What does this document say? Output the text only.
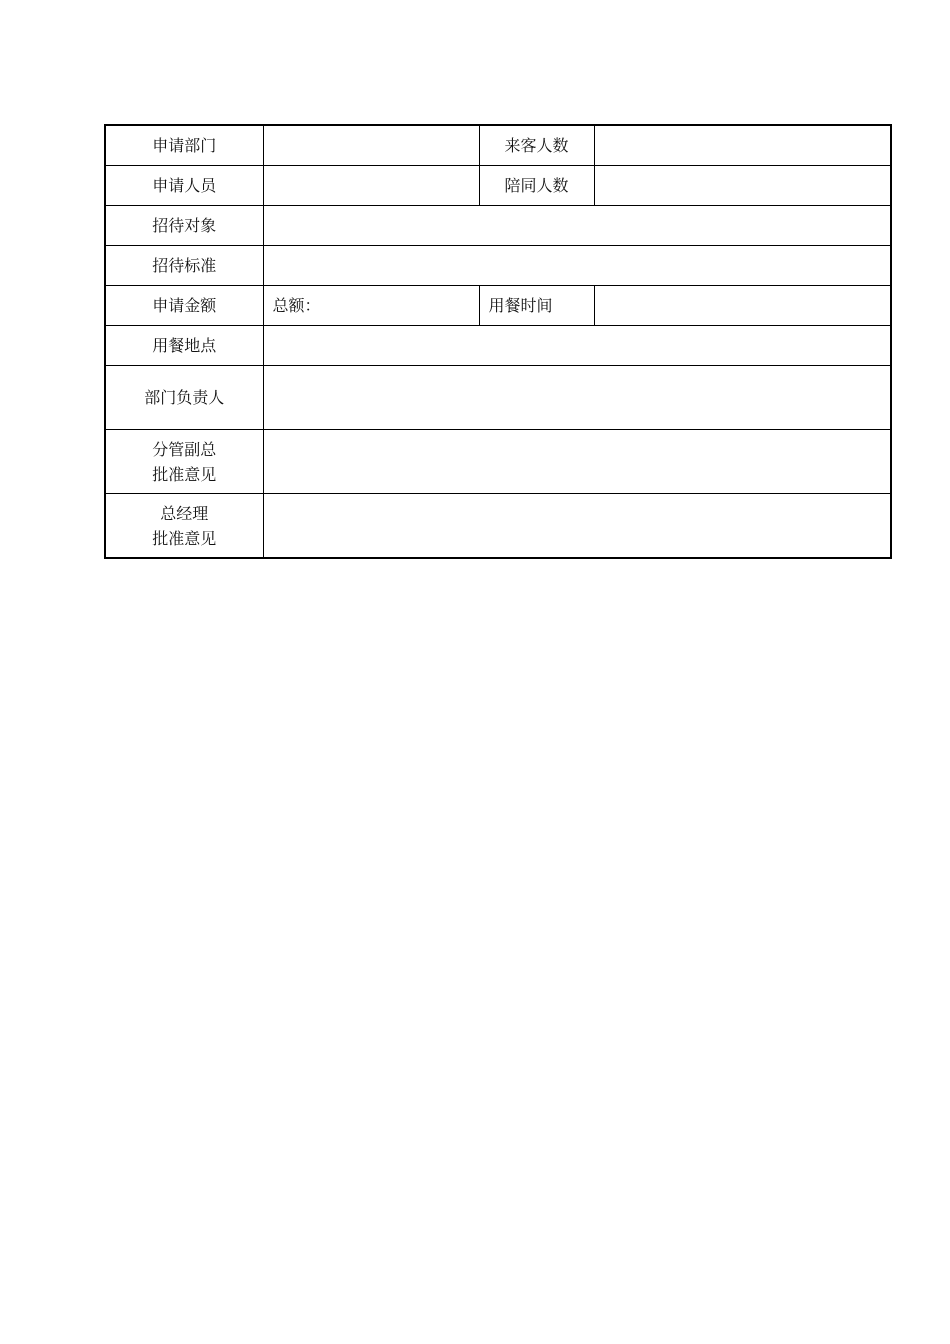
申请部门		来客人数	
申请人员		陪同人数	
招待对象			
招待标准			
申请金额	总额：	用餐时间	
用餐地点			
部门负责人			

分管副总
批准意见			

总经理
批准意见			
